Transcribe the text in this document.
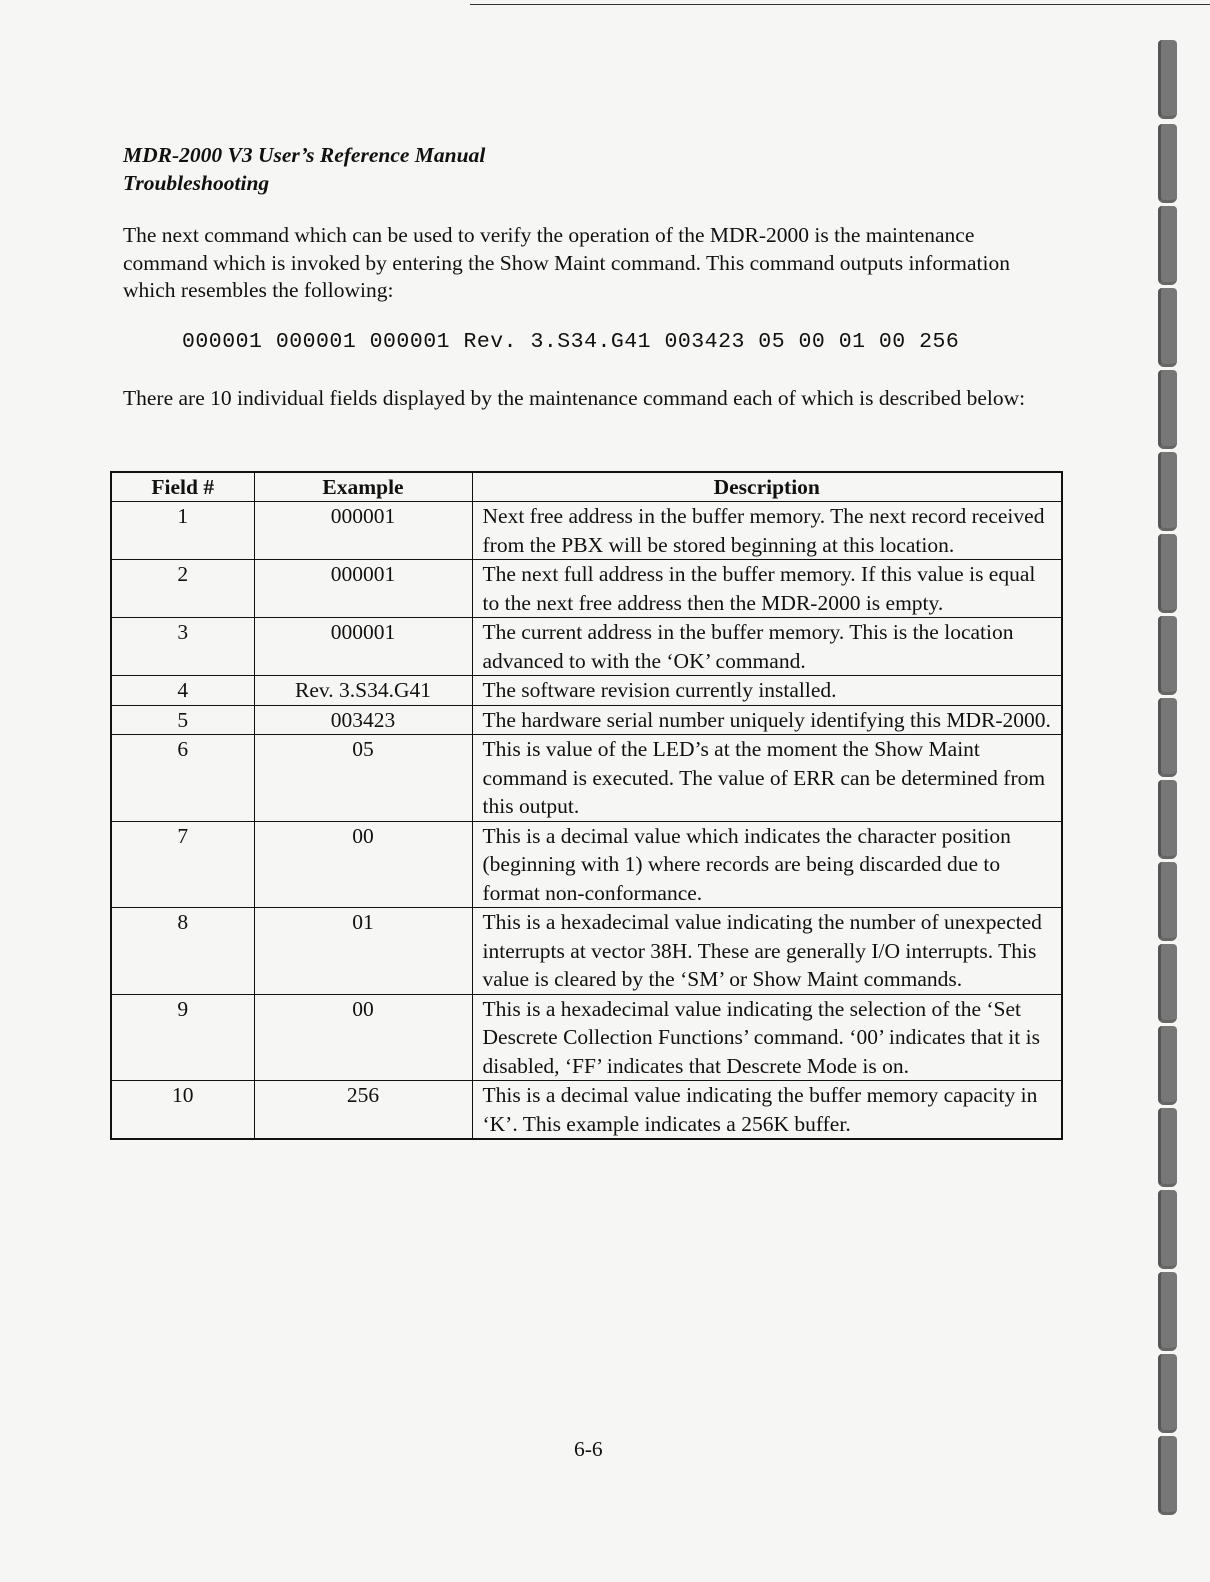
MDR-2000 V3 User’s Reference Manual
Troubleshooting

The next command which can be used to verify the operation of the MDR-2000 is the maintenance command which is invoked by entering the Show Maint command. This command outputs information which resembles the following:

000001 000001 000001 Rev. 3.S34.G41 003423 05 00 01 00 256

There are 10 individual fields displayed by the maintenance command each of which is described below:

Field #	Example	Description
1	000001	Next free address in the buffer memory. The next record received from the PBX will be stored beginning at this location.
2	000001	The next full address in the buffer memory. If this value is equal to the next free address then the MDR-2000 is empty.
3	000001	The current address in the buffer memory. This is the location advanced to with the ‘OK’ command.
4	Rev. 3.S34.G41	The software revision currently installed.
5	003423	The hardware serial number uniquely identifying this MDR-2000.
6	05	This is value of the LED’s at the moment the Show Maint command is executed. The value of ERR can be determined from this output.
7	00	This is a decimal value which indicates the character position (beginning with 1) where records are being discarded due to format non-conformance.
8	01	This is a hexadecimal value indicating the number of unexpected interrupts at vector 38H. These are generally I/O interrupts. This value is cleared by the ‘SM’ or Show Maint commands.
9	00	This is a hexadecimal value indicating the selection of the ‘Set Descrete Collection Functions’ command. ‘00’ indicates that it is disabled, ‘FF’ indicates that Descrete Mode is on.
10	256	This is a decimal value indicating the buffer memory capacity in ‘K’. This example indicates a 256K buffer.
6-6
